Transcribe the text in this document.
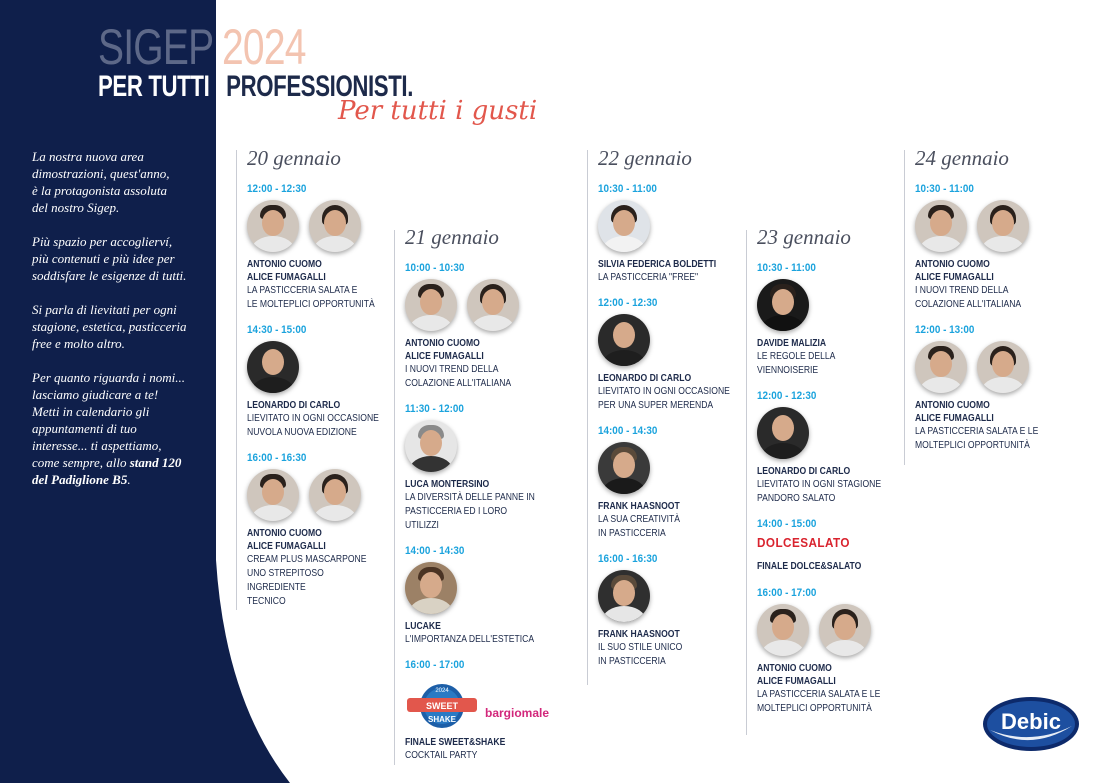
SIGEP 2024
PER TUTTI I PROFESSIONISTI.
Per tutti i gusti

La nostra nuova area
dimostrazioni, quest'anno,
è la protagonista assoluta
del nostro Sigep.

Più spazio per accoglierví,
più contenuti e più idee per
soddisfare le esigenze di tutti.

Si parla di lievitati per ogni
stagione, estetica, pasticceria
free e molto altro.

Per quanto riguarda i nomi...
lasciamo giudicare a te!
Metti in calendario gli
appuntamenti di tuo
interesse... ti aspettiamo,
come sempre, allo stand 120
del Padiglione B5.

20 gennaio
12:00 - 12:30
ANTONIO CUOMO
ALICE FUMAGALLI
LA PASTICCERIA SALATA E
LE MOLTEPLICI OPPORTUNITÀ
14:30 - 15:00
LEONARDO DI CARLO
LIEVITATO IN OGNI OCCASIONE
NUVOLA NUOVA EDIZIONE
16:00 - 16:30
ANTONIO CUOMO
ALICE FUMAGALLI
CREAM PLUS MASCARPONE
UNO STREPITOSO INGREDIENTE
TECNICO
21 gennaio
10:00 - 10:30
ANTONIO CUOMO
ALICE FUMAGALLI
I NUOVI TREND DELLA
COLAZIONE ALL'ITALIANA
11:30 - 12:00
LUCA MONTERSINO
LA DIVERSITÀ DELLE PANNE IN
PASTICCERIA ED I LORO UTILIZZI
14:00 - 14:30
LUCAKE
L'IMPORTANZA DELL'ESTETICA
16:00 - 17:00
SWEET
SHAKE
2024
bargiomale
FINALE SWEET&SHAKE
COCKTAIL PARTY
22 gennaio
10:30 - 11:00
SILVIA FEDERICA BOLDETTI
LA PASTICCERIA "FREE"
12:00 - 12:30
LEONARDO DI CARLO
LIEVITATO IN OGNI OCCASIONE
PER UNA SUPER MERENDA
14:00 - 14:30
FRANK HAASNOOT
LA SUA CREATIVITÀ
IN PASTICCERIA
16:00 - 16:30
FRANK HAASNOOT
IL SUO STILE UNICO
IN PASTICCERIA
23 gennaio
10:30 - 11:00
DAVIDE MALIZIA
LE REGOLE DELLA
VIENNOISERIE
12:00 - 12:30
LEONARDO DI CARLO
LIEVITATO IN OGNI STAGIONE
PANDORO SALATO
14:00 - 15:00
DOLCESALATO
FINALE DOLCE&SALATO
16:00 - 17:00
ANTONIO CUOMO
ALICE FUMAGALLI
LA PASTICCERIA SALATA E LE
MOLTEPLICI OPPORTUNITÀ
24 gennaio
10:30 - 11:00
ANTONIO CUOMO
ALICE FUMAGALLI
I NUOVI TREND DELLA
COLAZIONE ALL'ITALIANA
12:00 - 13:00
ANTONIO CUOMO
ALICE FUMAGALLI
LA PASTICCERIA SALATA E LE
MOLTEPLICI OPPORTUNITÀ
Debic
